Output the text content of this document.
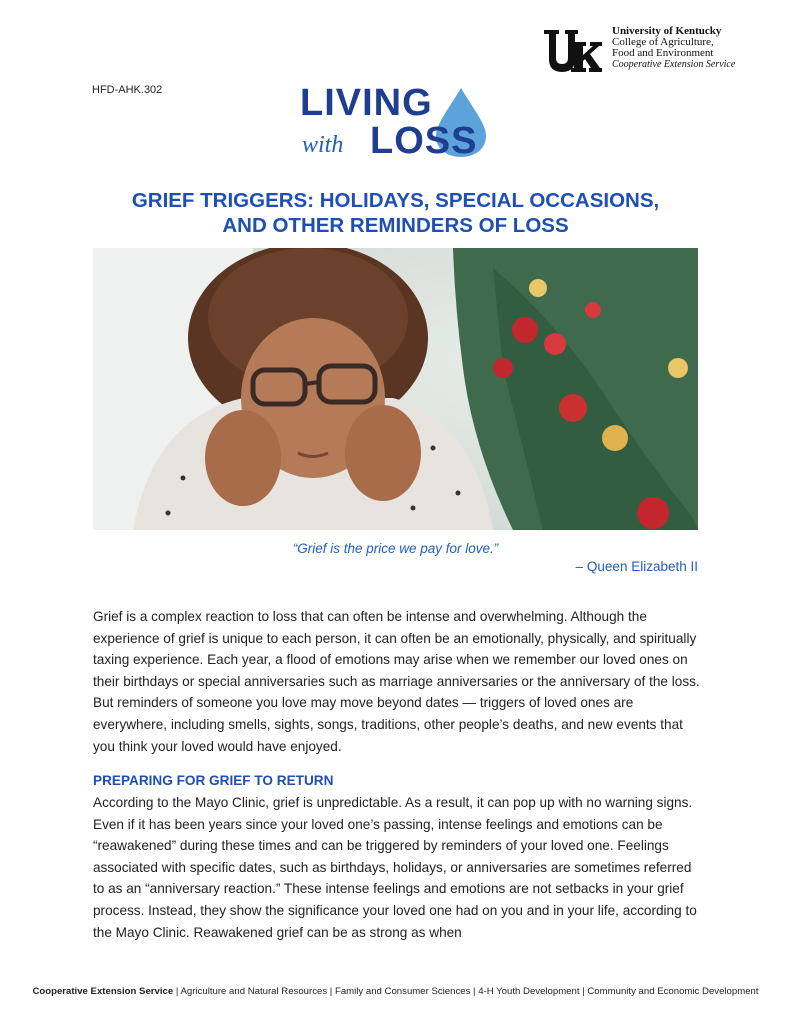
HFD-AHK.302
University of Kentucky
College of Agriculture,
Food and Environment
Cooperative Extension Service
LIVING
with LOSS
GRIEF TRIGGERS: HOLIDAYS, SPECIAL OCCASIONS,
AND OTHER REMINDERS OF LOSS
“Grief is the price we pay for love.”
– Queen Elizabeth II
Grief is a complex reaction to loss that can often be intense and overwhelming. Although the experience of grief is unique to each person, it can often be an emotionally, physically, and spiritually taxing experience. Each year, a flood of emotions may arise when we remember our loved ones on their birthdays or special anniversaries such as marriage anniversaries or the anniversary of the loss. But reminders of someone you love may move beyond dates — triggers of loved ones are everywhere, including smells, sights, songs, traditions, other people’s deaths, and new events that you think your loved would have enjoyed.
PREPARING FOR GRIEF TO RETURN
According to the Mayo Clinic, grief is unpredictable. As a result, it can pop up with no warning signs. Even if it has been years since your loved one’s passing, intense feelings and emotions can be “reawakened” during these times and can be triggered by reminders of your loved one. Feelings associated with specific dates, such as birthdays, holidays, or anniversaries are sometimes referred to as an “anniversary reaction.” These intense feelings and emotions are not setbacks in your grief process. Instead, they show the significance your loved one had on you and in your life, according to the Mayo Clinic. Reawakened grief can be as strong as when
Cooperative Extension Service | Agriculture and Natural Resources | Family and Consumer Sciences | 4-H Youth Development | Community and Economic Development
